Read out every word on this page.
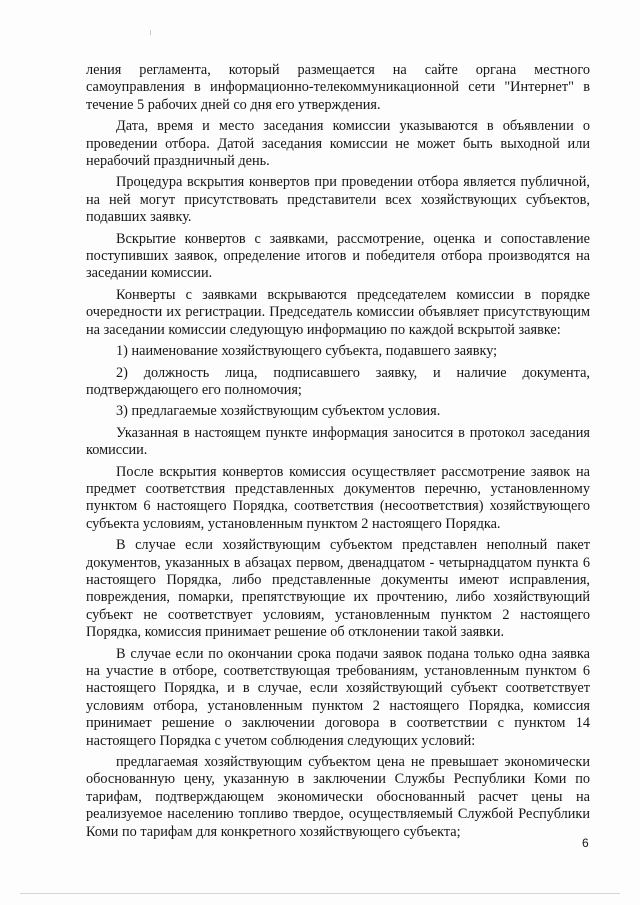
ления регламента, который размещается на сайте органа местного самоуправления в информационно-телекоммуникационной сети "Интернет" в течение 5 рабочих дней со дня его утверждения.

Дата, время и место заседания комиссии указываются в объявлении о проведении отбора. Датой заседания комиссии не может быть выходной или нерабочий праздничный день.

Процедура вскрытия конвертов при проведении отбора является публичной, на ней могут присутствовать представители всех хозяйствующих субъектов, подавших заявку.

Вскрытие конвертов с заявками, рассмотрение, оценка и сопоставление поступивших заявок, определение итогов и победителя отбора производятся на заседании комиссии.

Конверты с заявками вскрываются председателем комиссии в порядке очередности их регистрации. Председатель комиссии объявляет присутствующим на заседании комиссии следующую информацию по каждой вскрытой заявке:

1) наименование хозяйствующего субъекта, подавшего заявку;

2) должность лица, подписавшего заявку, и наличие документа, подтверждающего его полномочия;

3) предлагаемые хозяйствующим субъектом условия.

Указанная в настоящем пункте информация заносится в протокол заседания комиссии.

После вскрытия конвертов комиссия осуществляет рассмотрение заявок на предмет соответствия представленных документов перечню, установленному пунктом 6 настоящего Порядка, соответствия (несоответствия) хозяйствующего субъекта условиям, установленным пунктом 2 настоящего Порядка.

В случае если хозяйствующим субъектом представлен неполный пакет документов, указанных в абзацах первом, двенадцатом - четырнадцатом пункта 6 настоящего Порядка, либо представленные документы имеют исправления, повреждения, помарки, препятствующие их прочтению, либо хозяйствующий субъект не соответствует условиям, установленным пунктом 2 настоящего Порядка, комиссия принимает решение об отклонении такой заявки.

В случае если по окончании срока подачи заявок подана только одна заявка на участие в отборе, соответствующая требованиям, установленным пунктом 6 настоящего Порядка, и в случае, если хозяйствующий субъект соответствует условиям отбора, установленным пунктом 2 настоящего Порядка, комиссия принимает решение о заключении договора в соответствии с пунктом 14 настоящего Порядка с учетом соблюдения следующих условий:

предлагаемая хозяйствующим субъектом цена не превышает экономически обоснованную цену, указанную в заключении Службы Республики Коми по тарифам, подтверждающем экономически обоснованный расчет цены на реализуемое населению топливо твердое, осуществляемый Службой Республики Коми по тарифам для конкретного хозяйствующего субъекта;

6
